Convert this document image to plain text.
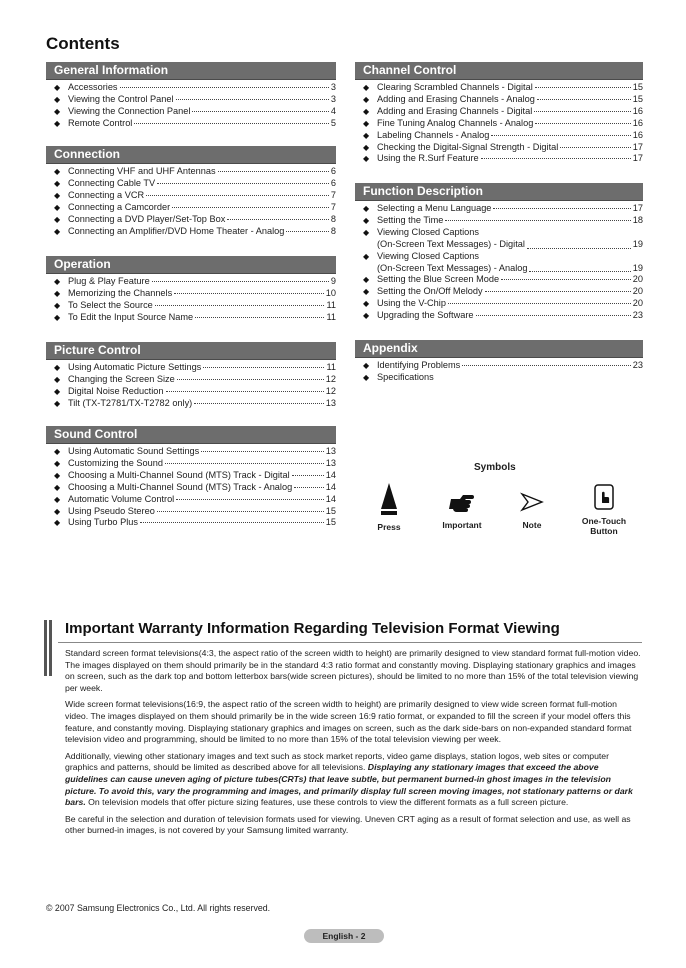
Contents
General Information
◆ Accessories	3
◆ Viewing the Control Panel	3
◆ Viewing the Connection Panel	4
◆ Remote Control	5
Connection
◆ Connecting VHF and UHF Antennas	6
◆ Connecting Cable TV	6
◆ Connecting a VCR	7
◆ Connecting a Camcorder	7
◆ Connecting a DVD Player/Set-Top Box	8
◆ Connecting an Amplifier/DVD Home Theater - Analog	8
Operation
◆ Plug & Play Feature	9
◆ Memorizing the Channels	10
◆ To Select the Source	11
◆ To Edit the Input Source Name	11
Picture Control
◆ Using Automatic Picture Settings	11
◆ Changing the Screen Size	12
◆ Digital Noise Reduction	12
◆ Tilt (TX-T2781/TX-T2782 only)	13
Sound Control
◆ Using Automatic Sound Settings	13
◆ Customizing the Sound	13
◆ Choosing a Multi-Channel Sound (MTS) Track - Digital	14
◆ Choosing a Multi-Channel Sound (MTS) Track - Analog	14
◆ Automatic Volume Control	14
◆ Using Pseudo Stereo	15
◆ Using Turbo Plus	15
Channel Control
◆ Clearing Scrambled Channels - Digital	15
◆ Adding and Erasing Channels - Analog	15
◆ Adding and Erasing Channels - Digital	16
◆ Fine Tuning Analog Channels - Analog	16
◆ Labeling Channels - Analog	16
◆ Checking the Digital-Signal Strength - Digital	17
◆ Using the R.Surf Feature	17
Function Description
◆ Selecting a Menu Language	17
◆ Setting the Time	18
◆ Viewing Closed Captions
(On-Screen Text Messages) - Digital	19
◆ Viewing Closed Captions
(On-Screen Text Messages) - Analog	19
◆ Setting the Blue Screen Mode	20
◆ Setting the On/Off Melody	20
◆ Using the V-Chip	20
◆ Upgrading the Software	23
Appendix
◆ Identifying Problems	23
◆ Specifications
Symbols
Press	Important	Note	One-Touch Button
Important Warranty Information Regarding Television Format Viewing

Standard screen format televisions(4:3, the aspect ratio of the screen width to height) are primarily designed to view standard format full-motion video. The images displayed on them should primarily be in the standard 4:3 ratio format and constantly moving. Displaying stationary graphics and images on screen, such as the dark top and bottom letterbox bars(wide screen pictures), should be limited to no more than 15% of the total television viewing per week.

Wide screen format televisions(16:9, the aspect ratio of the screen width to height) are primarily designed to view wide screen format full-motion video. The images displayed on them should primarily be in the wide screen 16:9 ratio format, or expanded to fill the screen if your model offers this feature, and constantly moving. Displaying stationary graphics and images on screen, such as the dark side-bars on non-expanded standard format television video and programming, should be limited to no more than 15% of the total television viewing per week.

Additionally, viewing other stationary images and text such as stock market reports, video game displays, station logos, web sites or computer graphics and patterns, should be limited as described above for all televisions. Displaying any stationary images that exceed the above guidelines can cause uneven aging of picture tubes(CRTs) that leave subtle, but permanent burned-in ghost images in the television picture. To avoid this, vary the programming and images, and primarily display full screen moving images, not stationary patterns or dark bars. On television models that offer picture sizing features, use these controls to view the different formats as a full screen picture.

Be careful in the selection and duration of television formats used for viewing. Uneven CRT aging as a result of format selection and use, as well as other burned-in images, is not covered by your Samsung limited warranty.

© 2007 Samsung Electronics Co., Ltd. All rights reserved.
English - 2
